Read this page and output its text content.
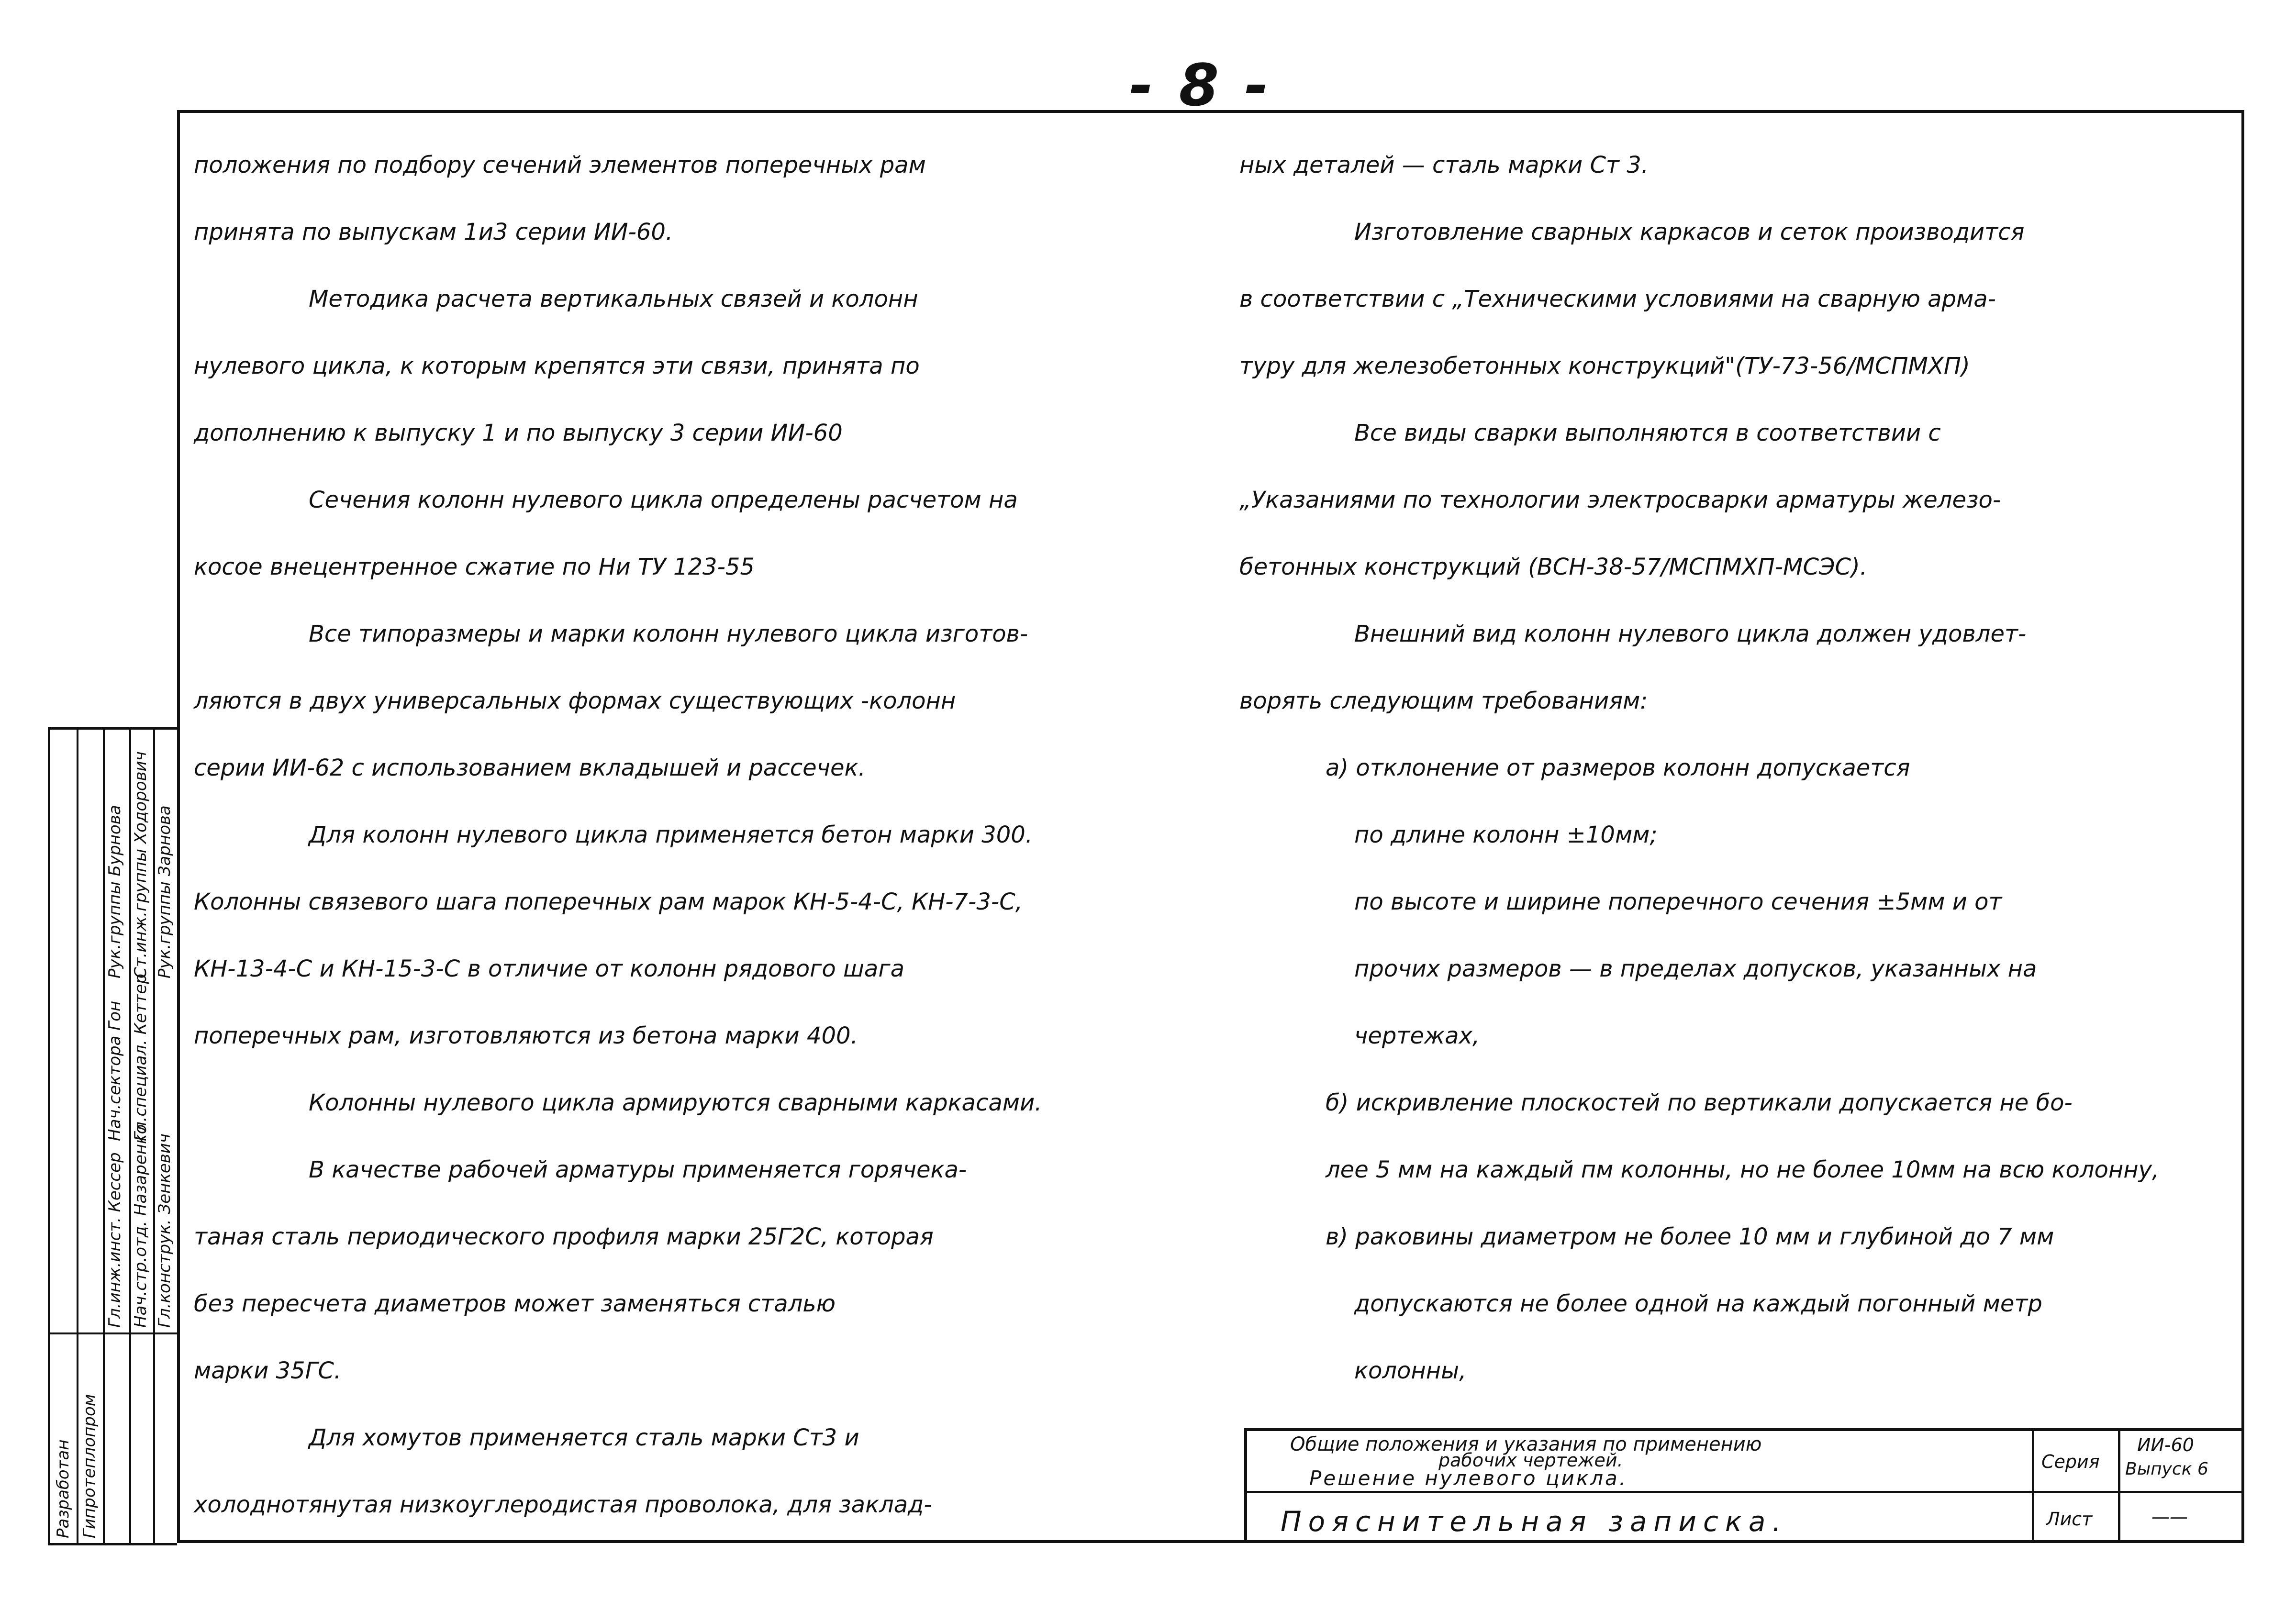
- 8 -

положения по подбору сечений элементов поперечных рам

принята по выпускам 1и3 серии ИИ-60.

Методика расчета вертикальных связей и колонн

нулевого цикла, к которым крепятся эти связи, принята по

дополнению к выпуску 1 и по выпуску 3 серии ИИ-60

Сечения колонн нулевого цикла определены расчетом на

косое внецентренное сжатие по Ни ТУ 123-55

Все типоразмеры и марки колонн нулевого цикла изготов-

ляются в двух универсальных формах существующих -колонн

серии ИИ-62 с использованием вкладышей и рассечек.

Для колонн нулевого цикла применяется бетон марки 300.

Колонны связевого шага поперечных рам марок КН-5-4-С, КН-7-3-С,

КН-13-4-С и КН-15-3-С в отличие от колонн рядового шага

поперечных рам, изготовляются из бетона марки 400.

Колонны нулевого цикла армируются сварными каркасами.

В качестве рабочей арматуры применяется горячека-

таная сталь периодического профиля марки 25Г2С, которая

без пересчета диаметров может заменяться сталью

марки 35ГС.

Для хомутов применяется сталь марки Ст3 и

холоднотянутая низкоуглеродистая проволока, для заклад-

ных деталей — сталь марки Ст 3.

Изготовление сварных каркасов и сеток производится

в соответствии с „Техническими условиями на сварную арма-

туру для железобетонных конструкций"(ТУ-73-56/МСПМХП)

Все виды сварки выполняются в соответствии с

„Указаниями по технологии электросварки арматуры железо-

бетонных конструкций (ВСН-38-57/МСПМХП-МСЭС).

Внешний вид колонн нулевого цикла должен удовлет-

ворять следующим требованиям:

а) отклонение от размеров колонн допускается

по длине колонн ±10мм;

по высоте и ширине поперечного сечения ±5мм и от

прочих размеров — в пределах допусков, указанных на

чертежах,

б) искривление плоскостей по вертикали допускается не бо-

лее 5 мм на каждый пм колонны, но не более 10мм на всю колонну,

в) раковины диаметром не более 10 мм и глубиной до 7 мм

допускаются не более одной на каждый погонный метр

колонны,

Разработан Гипротеплопром
Гл.инж.инст. Кессер Нач.стр.отд. Назаренко Гл.конструк. Зенкевич
Нач.сектора Гон Гл.специал. Кеттер
Рук.группы Бурнова Ст.инж.группы Ходорович Рук.группы Зарнова
Общие положения и указания по применению
рабочих чертежей.
Решение нулевого цикла.
Пояснительная записка.
Серия
ИИ-60
Выпуск 6
Лист	——
